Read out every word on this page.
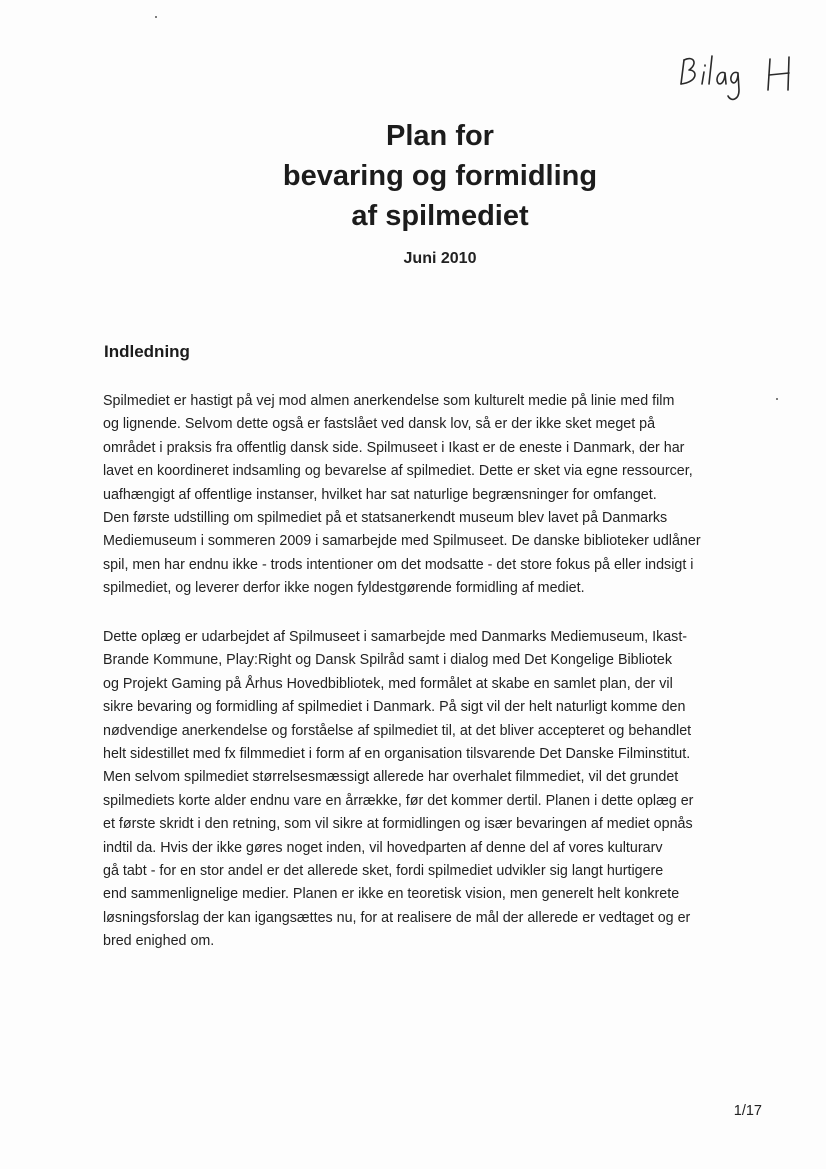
Plan for
bevaring og formidling
af spilmediet
Juni 2010
Indledning
Spilmediet er hastigt på vej mod almen anerkendelse som kulturelt medie på linie med film
og lignende. Selvom dette også er fastslået ved dansk lov, så er der ikke sket meget på
området i praksis fra offentlig dansk side. Spilmuseet i Ikast er de eneste i Danmark, der har
lavet en koordineret indsamling og bevarelse af spilmediet. Dette er sket via egne ressourcer,
uafhængigt af offentlige instanser, hvilket har sat naturlige begrænsninger for omfanget.
Den første udstilling om spilmediet på et statsanerkendt museum blev lavet på Danmarks
Mediemuseum i sommeren 2009 i samarbejde med Spilmuseet. De danske biblioteker udlåner
spil, men har endnu ikke - trods intentioner om det modsatte - det store fokus på eller indsigt i
spilmediet, og leverer derfor ikke nogen fyldestgørende formidling af mediet.
Dette oplæg er udarbejdet af Spilmuseet i samarbejde med Danmarks Mediemuseum, Ikast-
Brande Kommune, Play:Right og Dansk Spilråd samt i dialog med Det Kongelige Bibliotek
og Projekt Gaming på Århus Hovedbibliotek, med formålet at skabe en samlet plan, der vil
sikre bevaring og formidling af spilmediet i Danmark. På sigt vil der helt naturligt komme den
nødvendige anerkendelse og forståelse af spilmediet til, at det bliver accepteret og behandlet
helt sidestillet med fx filmmediet i form af en organisation tilsvarende Det Danske Filminstitut.
Men selvom spilmediet størrelsesmæssigt allerede har overhalet filmmediet, vil det grundet
spilmediets korte alder endnu vare en årrække, før det kommer dertil. Planen i dette oplæg er
et første skridt i den retning, som vil sikre at formidlingen og især bevaringen af mediet opnås
indtil da. Hvis der ikke gøres noget inden, vil hovedparten af denne del af vores kulturarv
gå tabt - for en stor andel er det allerede sket, fordi spilmediet udvikler sig langt hurtigere
end sammenlignelige medier. Planen er ikke en teoretisk vision, men generelt helt konkrete
løsningsforslag der kan igangsættes nu, for at realisere de mål der allerede er vedtaget og er
bred enighed om.
1/17
